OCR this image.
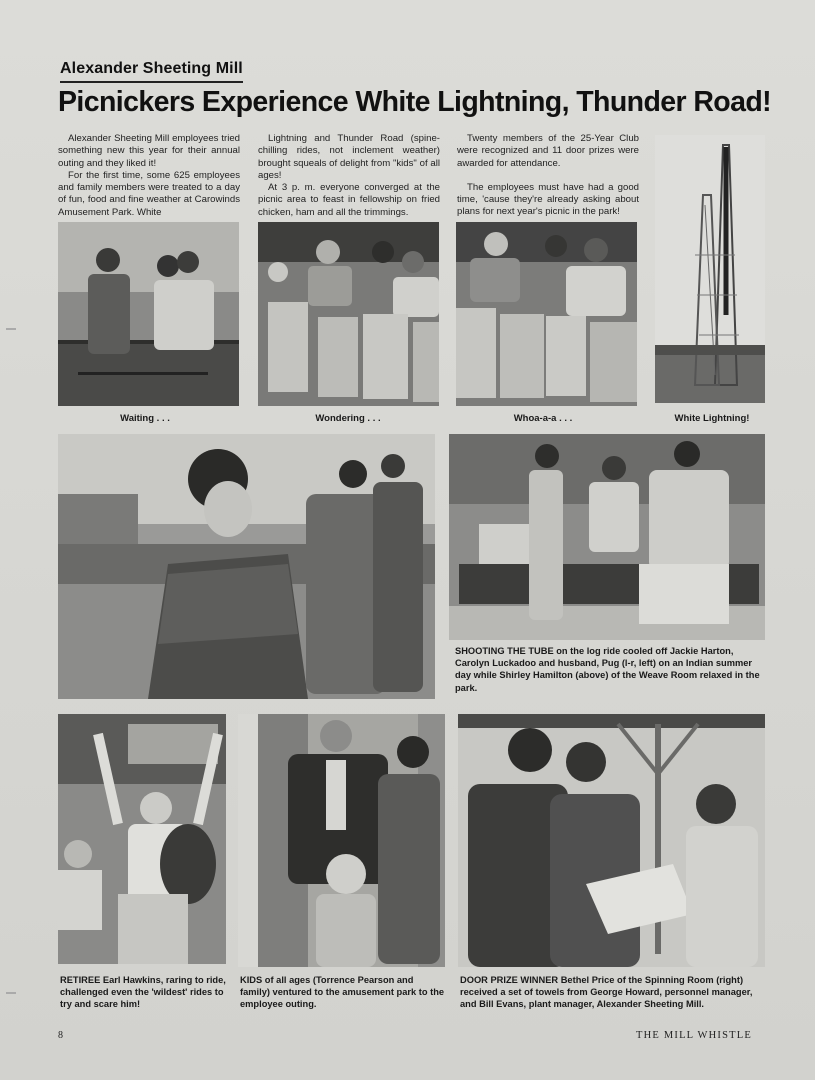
Alexander Sheeting Mill
Picnickers Experience White Lightning, Thunder Road!

Alexander Sheeting Mill employees tried something new this year for their annual outing and they liked it!

For the first time, some 625 employees and family members were treated to a day of fun, food and fine weather at Carowinds Amusement Park. White

Lightning and Thunder Road (spine-chilling rides, not inclement weather) brought squeals of delight from "kids" of all ages!

At 3 p. m. everyone converged at the picnic area to feast in fellowship on fried chicken, ham and all the trimmings.

Twenty members of the 25-Year Club were recognized and 11 door prizes were awarded for attendance.

The employees must have had a good time, 'cause they're already asking about plans for next year's picnic in the park!

Waiting . . .	Wondering . . .	Whoa-a-a . . .	White Lightning!
SHOOTING THE TUBE on the log ride cooled off Jackie Harton, Carolyn Luckadoo and husband, Pug (l-r, left) on an Indian summer day while Shirley Hamilton (above) of the Weave Room relaxed in the park.
RETIREE Earl Hawkins, raring to ride, challenged even the 'wildest' rides to try and scare him!
KIDS of all ages (Torrence Pearson and family) ventured to the amusement park to the employee outing.
DOOR PRIZE WINNER Bethel Price of the Spinning Room (right) received a set of towels from George Howard, personnel manager, and Bill Evans, plant manager, Alexander Sheeting Mill.
8	THE MILL WHISTLE
